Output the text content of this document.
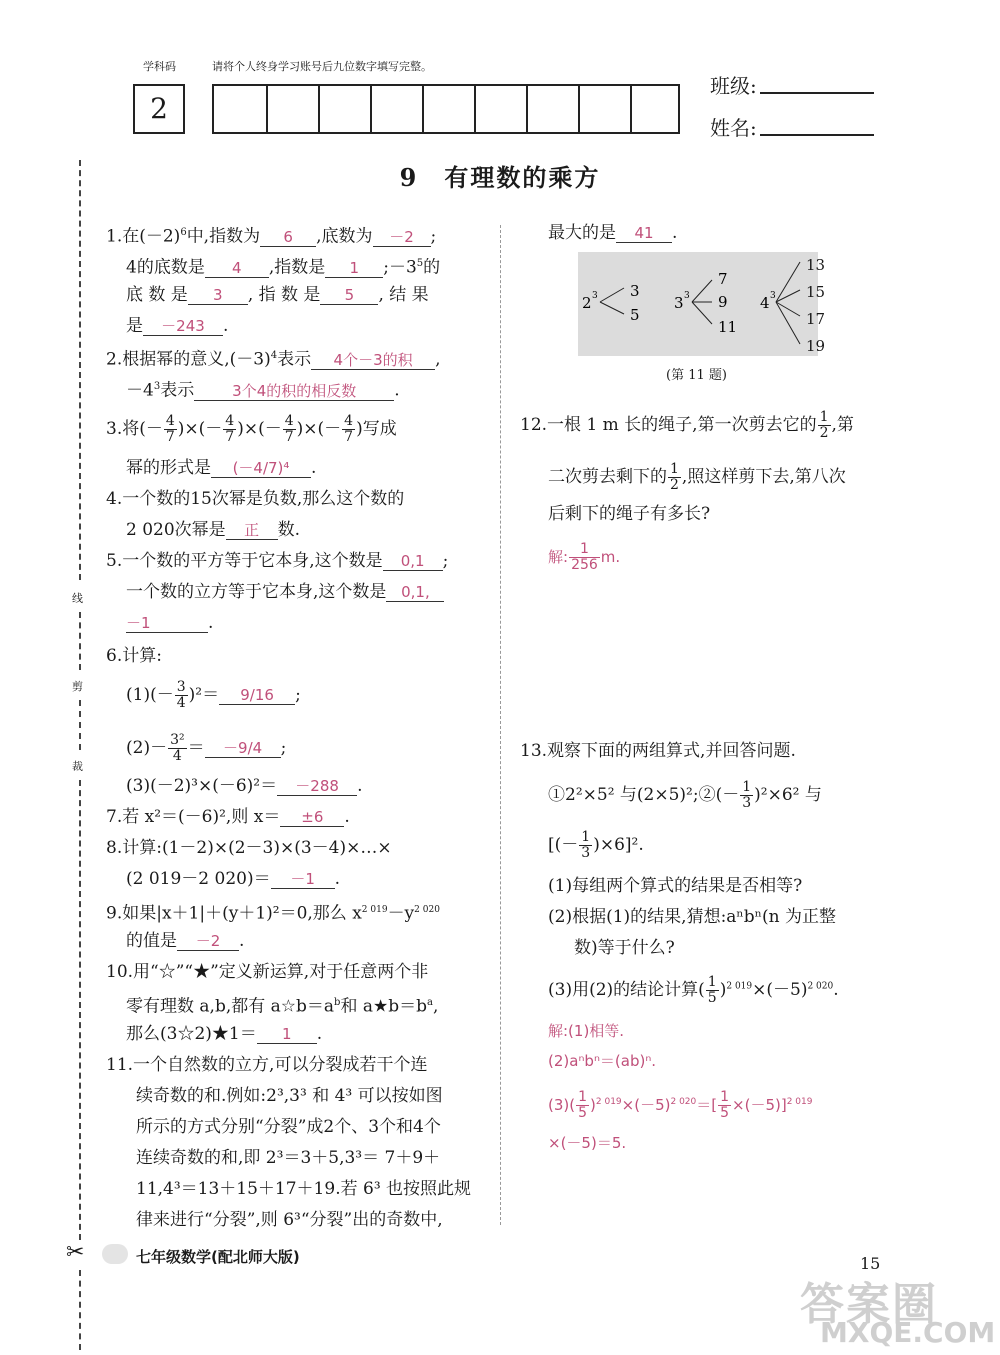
学科码	请将个人终身学习账号后九位数字填写完整。
2
班级:
姓名:
9　有理数的乘方
线
剪
裁
✂
1.在$(-2)^6$中,指数为 6 ,底数为 －2 ;
4的底数是 4 ,指数是 1 $;-3^5$的
底 数 是 3 , 指 数 是 5 , 结 果
是 －243 .
2.根据幂的意义$,(-3)^4$表示 4个－3的积 ,
$-4^3$表示	3个4的积的相反数 .
3.将(－ $\frac{4}{7}$ )×(－ $\frac{4}{7}$ )×(－ $\frac{4}{7}$ )×(－ $\frac{4}{7}$ )写成
幂的形式是 (－4/7)⁴ .
4.一个数的15次幂是负数,那么这个数的
2 020次幂是 正 数.
5.一个数的平方等于它本身,这个数是 0,1 ;
一个数的立方等于它本身,这个数是 0,1,
－1	.
6.计算:
$(1)(- \frac{3}{4} )^2= 9/16$ ;
$(2)- \frac{\text{3²}}{4} = -9/4$ ;
(3)(－2)³×(－6)²＝ －288 .
7.若 x²＝(－6)²,则 x＝ ±6 .
8.计算:(1－2)×(2－3)×(3－4)×…×
(2 019－2 020)＝ －1 .
9.如果|x＋1|＋(y＋1)²＝0,那么 $x^{2 019}-y^{2 020}$
的值是 －2 .
10.用“☆”“★”定义新运算,对于任意两个非
零有理数 a,b,都有 $a☆b=a^b$和 $a★b=b^a$,
那么(3☆2)★1＝ 1 .
11.一个自然数的立方,可以分裂成若干个连
续奇数的和.例如:2³,3³ 和 4³ 可以按如图
所示的方式分别“分裂”成2个、3个和4个
连续奇数的和,即 2³＝3＋5,3³＝ 7＋9＋
11,4³＝13＋15＋17＋19.若 6³ 也按照此规
律来进行“分裂”,则 6³“分裂”出的奇数中,
最大的是 41 .
2 3 3
5
3 3
7
9
11
4 3
13
15
17
19
(第 11 题)
12.一根 1 m 长的绳子,第一次剪去它的 $\frac{1}{2}$ ,第
二次剪去剩下的 $\frac{1}{2}$ ,照这样剪下去,第八次
后剩下的绳子有多长?
解: $\frac{1}{256} m$.
13.观察下面的两组算式,并回答问题.
①2²×5² 与(2×5)²;②(－ $\frac{1}{3} )^2\times 6^2$ 与
[(－ $\frac{1}{3} )\times 6]^2$.
(1)每组两个算式的结果是否相等?
(2)根据(1)的结果,猜想:aⁿbⁿ(n 为正整
数)等于什么?
(3)用(2)的结论计算( $\frac{1}{5} )^{2 019}\times(-5)^{2 020}$.
解:(1)相等.
(2)aⁿbⁿ＝(ab)ⁿ.
$(3)( \frac{1}{5} )^{2 019}\times(-5)^{2 020}=[ \frac{1}{5} \times(-5)]^{2 019}$
×(－5)＝5.
七年级数学(配北师大版)	15
答案圈
MXQE.COM
